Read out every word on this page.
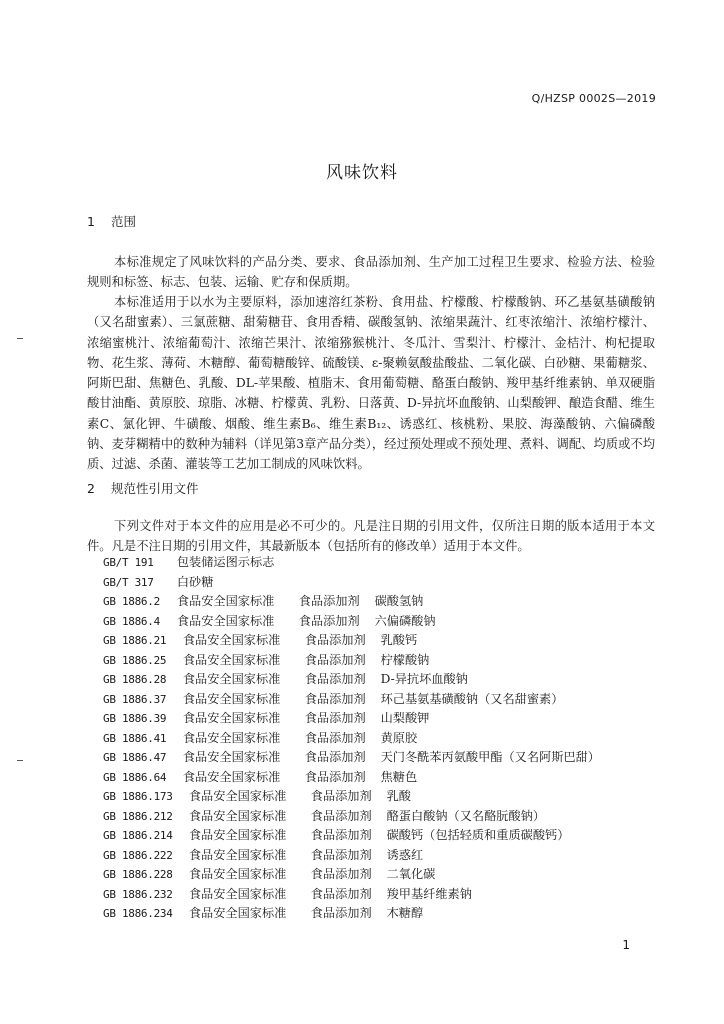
Q/HZSP 0002S—2019
风味饮料
1 范围

本标准规定了风味饮料的产品分类、要求、食品添加剂、生产加工过程卫生要求、检验方法、检验规则和标签、标志、包装、运输、贮存和保质期。

本标准适用于以水为主要原料，添加速溶红茶粉、食用盐、柠檬酸、柠檬酸钠、环乙基氨基磺酸钠（又名甜蜜素）、三氯蔗糖、甜菊糖苷、食用香精、碳酸氢钠、浓缩果蔬汁、红枣浓缩汁、浓缩柠檬汁、浓缩蜜桃汁、浓缩葡萄汁、浓缩芒果汁、浓缩猕猴桃汁、冬瓜汁、雪梨汁、柠檬汁、金桔汁、枸杞提取物、花生浆、薄荷、木糖醇、葡萄糖酸锌、硫酸镁、ε-聚赖氨酸盐酸盐、二氧化碳、白砂糖、果葡糖浆、阿斯巴甜、焦糖色、乳酸、DL-苹果酸、植脂末、食用葡萄糖、酪蛋白酸钠、羧甲基纤维素钠、单双硬脂酸甘油酯、黄原胶、琼脂、冰糖、柠檬黄、乳粉、日落黄、D-异抗坏血酸钠、山梨酸钾、酿造食醋、维生素C、氯化钾、牛磺酸、烟酸、维生素B₆、维生素B₁₂、诱惑红、核桃粉、果胶、海藻酸钠、六偏磷酸钠、麦芽糊精中的数种为辅料（详见第3章产品分类），经过预处理或不预处理、煮料、调配、均质或不均质、过滤、杀菌、灌装等工艺加工制成的风味饮料。

2 规范性引用文件

下列文件对于本文件的应用是必不可少的。凡是注日期的引用文件，仅所注日期的版本适用于本文件。凡是不注日期的引用文件，其最新版本（包括所有的修改单）适用于本文件。

GB/T 191 包装储运图示标志
GB/T 317 白砂糖
GB 1886.2 食品安全国家标准 食品添加剂 碳酸氢钠
GB 1886.4 食品安全国家标准 食品添加剂 六偏磷酸钠
GB 1886.21 食品安全国家标准 食品添加剂 乳酸钙
GB 1886.25 食品安全国家标准 食品添加剂 柠檬酸钠
GB 1886.28 食品安全国家标准 食品添加剂 D-异抗坏血酸钠
GB 1886.37 食品安全国家标准 食品添加剂 环己基氨基磺酸钠（又名甜蜜素）
GB 1886.39 食品安全国家标准 食品添加剂 山梨酸钾
GB 1886.41 食品安全国家标准 食品添加剂 黄原胶
GB 1886.47 食品安全国家标准 食品添加剂 天门冬酰苯丙氨酸甲酯（又名阿斯巴甜）
GB 1886.64 食品安全国家标准 食品添加剂 焦糖色
GB 1886.173 食品安全国家标准 食品添加剂 乳酸
GB 1886.212 食品安全国家标准 食品添加剂 酪蛋白酸钠（又名酪朊酸钠）
GB 1886.214 食品安全国家标准 食品添加剂 碳酸钙（包括轻质和重质碳酸钙）
GB 1886.222 食品安全国家标准 食品添加剂 诱惑红
GB 1886.228 食品安全国家标准 食品添加剂 二氧化碳
GB 1886.232 食品安全国家标准 食品添加剂 羧甲基纤维素钠
GB 1886.234 食品安全国家标准 食品添加剂 木糖醇
1
